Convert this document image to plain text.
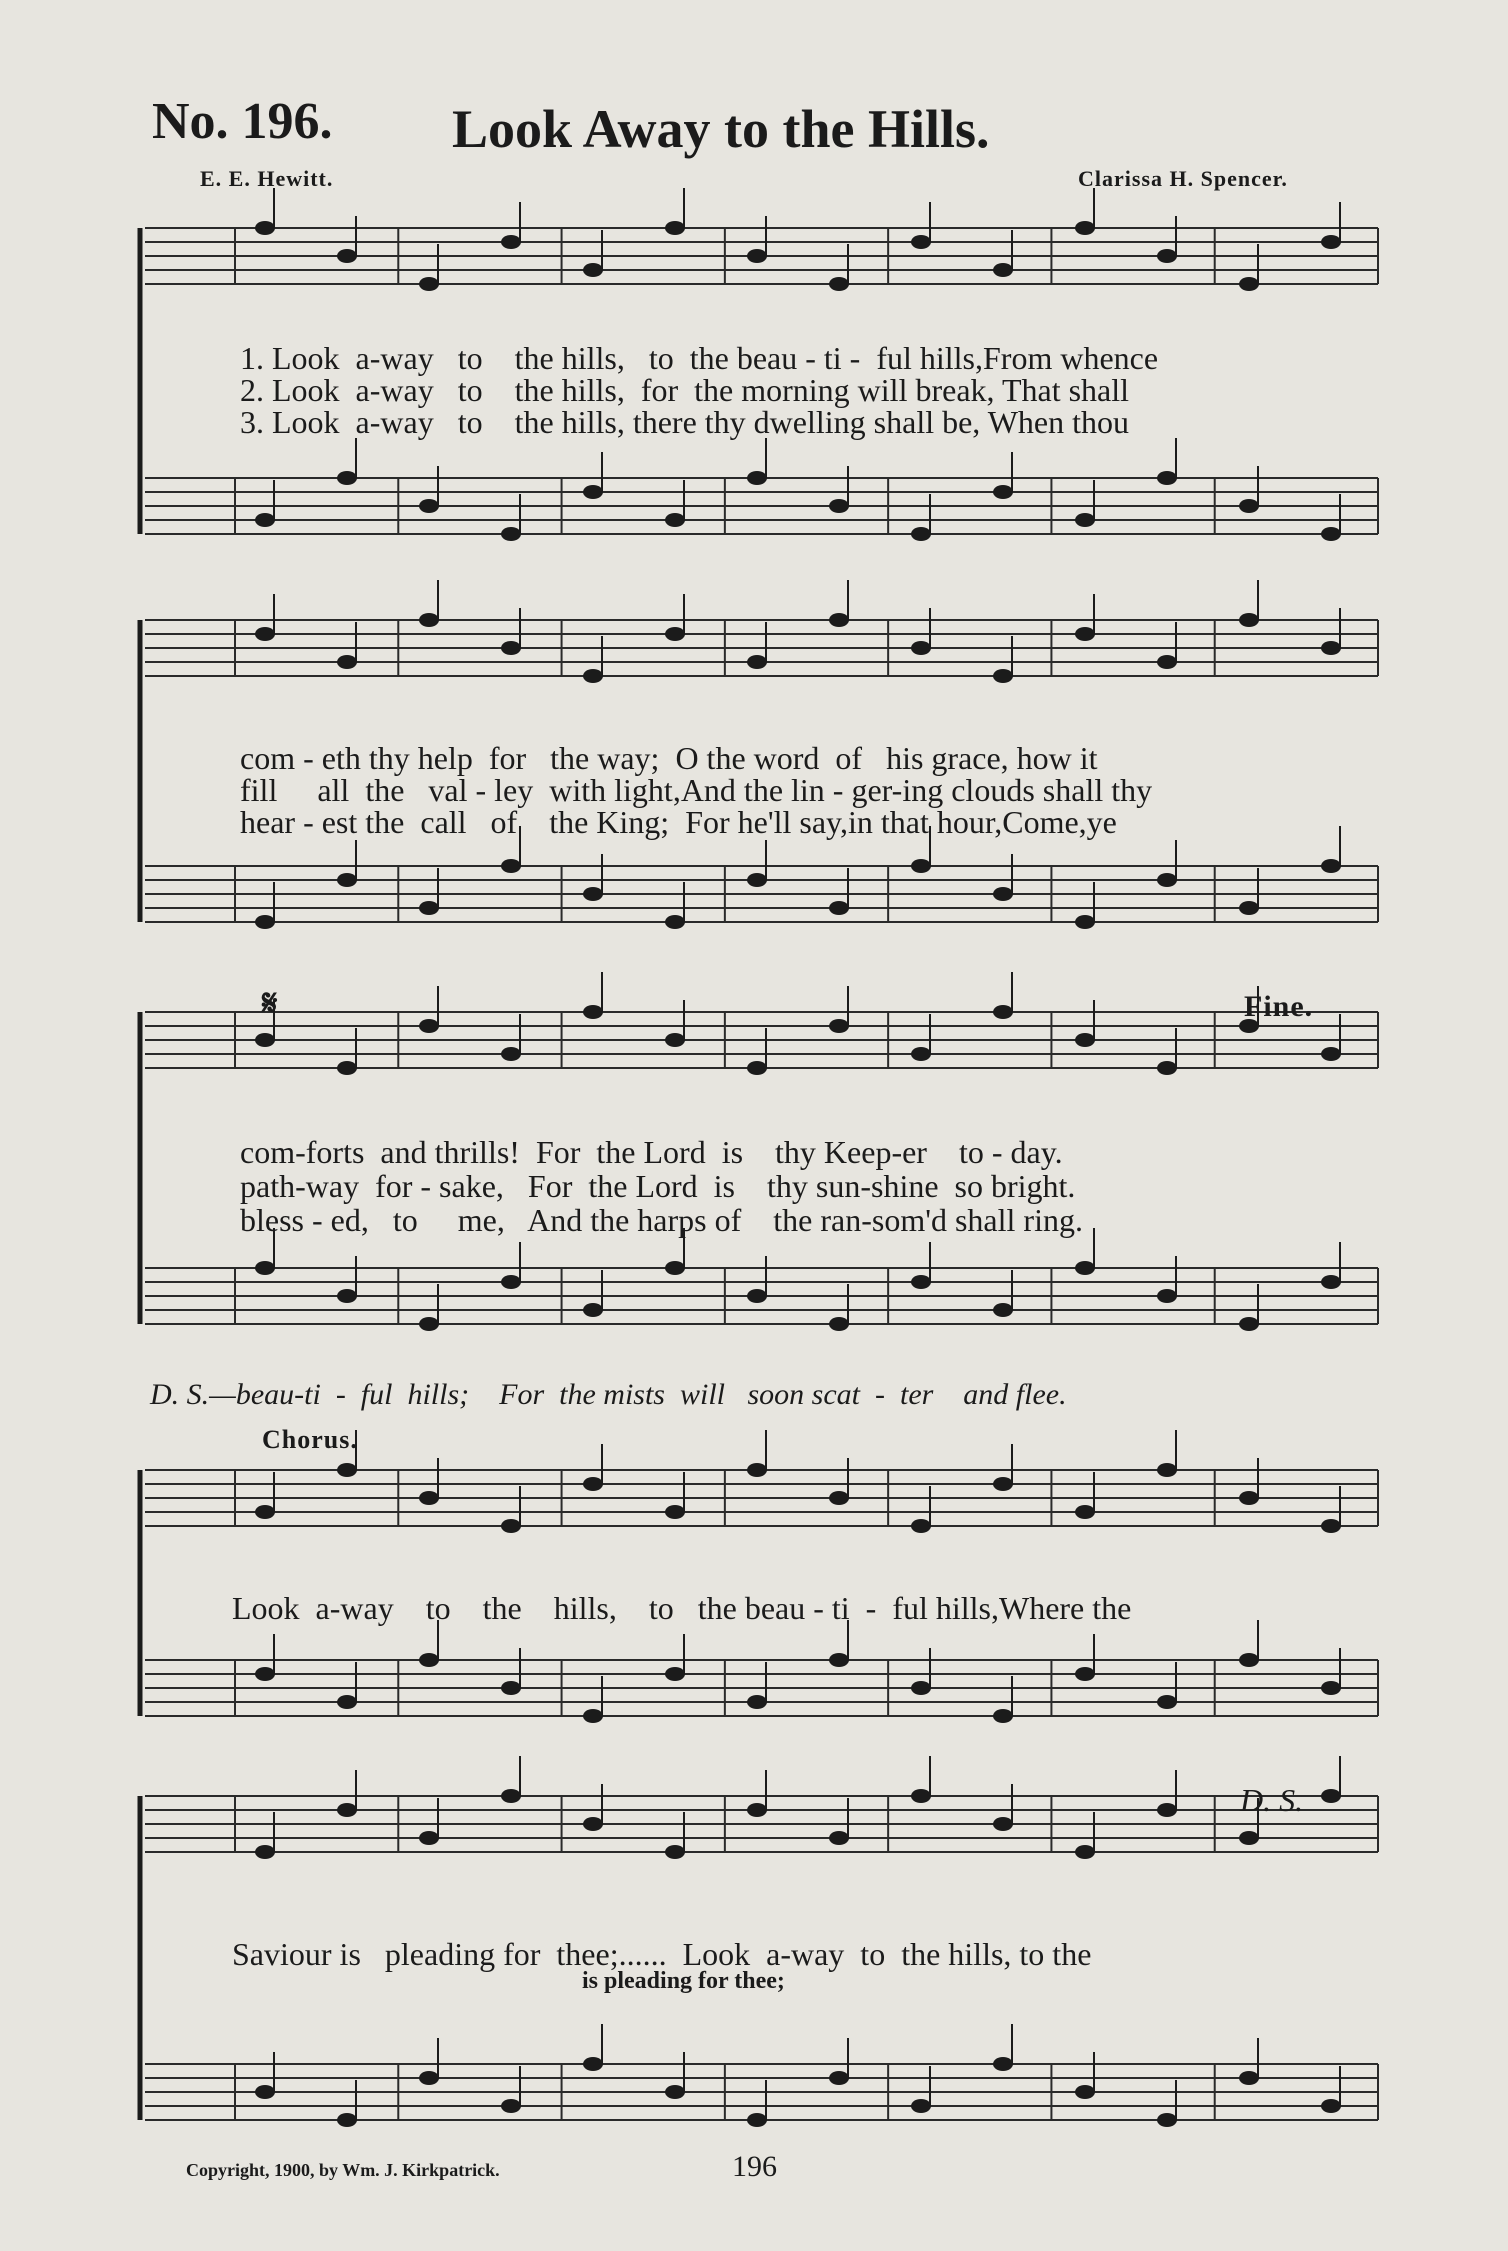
No. 196. Look Away to the Hills.
E. E. Hewitt.	Clarissa H. Spencer.
1. Look  a-way   to    the hills,   to  the beau - ti -  ful hills,From whence
2. Look  a-way   to    the hills,  for  the morning will break, That shall
3. Look  a-way   to    the hills, there thy dwelling shall be, When thou
com - eth thy help  for   the way;  O the word  of   his grace, how it
fill     all  the   val - ley  with light,And the lin - ger-ing clouds shall thy
hear - est the  call   of    the King;  For he'll say,in that hour,Come,ye
𝄋	Fine.
com-forts  and thrills!  For  the Lord  is    thy Keep-er    to - day.
path-way  for - sake,   For  the Lord  is    thy sun-shine  so bright.
bless - ed,   to     me,   And the harps of    the ran-som'd shall ring.
D. S.—beau-ti  -  ful  hills;    For  the mists  will   soon scat  -  ter    and flee.
Chorus.
Look  a-way    to    the    hills,    to   the beau - ti  -  ful hills,Where the
D. S.
Saviour is   pleading for  thee;......  Look  a-way  to  the hills, to the
is pleading for thee;
Copyright, 1900, by Wm. J. Kirkpatrick.	196
